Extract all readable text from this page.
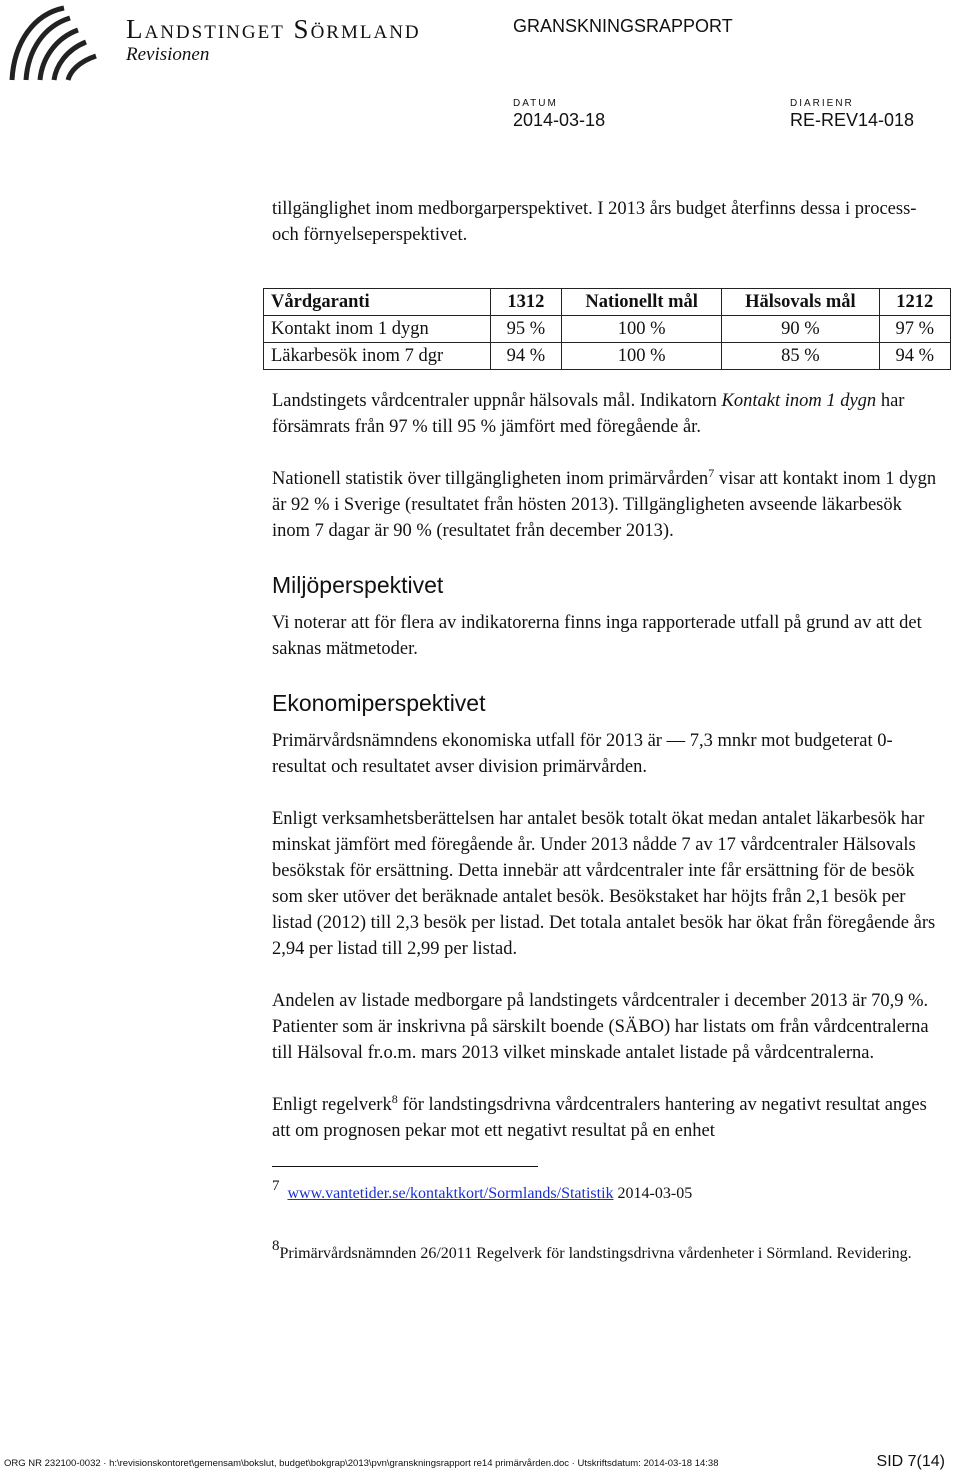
Landstinget Sörmland
Revisionen
GRANSKNINGSRAPPORT
DATUM
2014-03-18
DIARIENR
RE-REV14-018

tillgänglighet inom medborgarperspektivet. I 2013 års budget återfinns dessa i process- och förnyelseperspektivet.

Vårdgaranti	1312	Nationellt mål	Hälsovals mål	1212
Kontakt inom 1 dygn	95 %	100 %	90 %	97 %
Läkarbesök inom 7 dgr	94 %	100 %	85 %	94 %

Landstingets vårdcentraler uppnår hälsovals mål. Indikatorn Kontakt inom 1 dygn har försämrats från 97 % till 95 % jämfört med föregående år.

Nationell statistik över tillgängligheten inom primärvården$^7$ visar att kontakt inom 1 dygn är 92 % i Sverige (resultatet från hösten 2013). Tillgängligheten avseende läkarbesök inom 7 dagar är 90 % (resultatet från december 2013).

Miljöperspektivet

Vi noterar att för flera av indikatorerna finns inga rapporterade utfall på grund av att det saknas mätmetoder.

Ekonomiperspektivet

Primärvårdsnämndens ekonomiska utfall för 2013 är — 7,3 mnkr mot budgeterat 0-resultat och resultatet avser division primärvården.

Enligt verksamhetsberättelsen har antalet besök totalt ökat medan antalet läkarbesök har minskat jämfört med föregående år. Under 2013 nådde 7 av 17 vårdcentraler Hälsovals besökstak för ersättning. Detta innebär att vårdcentraler inte får ersättning för de besök som sker utöver det beräknade antalet besök. Besökstaket har höjts från 2,1 besök per listad (2012) till 2,3 besök per listad. Det totala antalet besök har ökat från föregående års 2,94 per listad till 2,99 per listad.

Andelen av listade medborgare på landstingets vårdcentraler i december 2013 är 70,9 %. Patienter som är inskrivna på särskilt boende (SÄBO) har listats om från vårdcentralerna till Hälsoval fr.o.m. mars 2013 vilket minskade antalet listade på vårdcentralerna.

Enligt regelverk$^8$ för landstingsdrivna vårdcentralers hantering av negativt resultat anges att om prognosen pekar mot ett negativt resultat på en enhet

7 www.vantetider.se/kontaktkort/Sormlands/Statistik 2014-03-05
8Primärvårdsnämnden 26/2011 Regelverk för landstingsdrivna vårdenheter i Sörmland. Revidering.
ORG NR 232100-0032 · h:\revisionskontoret\gemensam\bokslut, budget\bokgrap\2013\pvn\granskningsrapport re14 primärvården.doc · Utskriftsdatum: 2014-03-18 14:38	SID 7(14)
